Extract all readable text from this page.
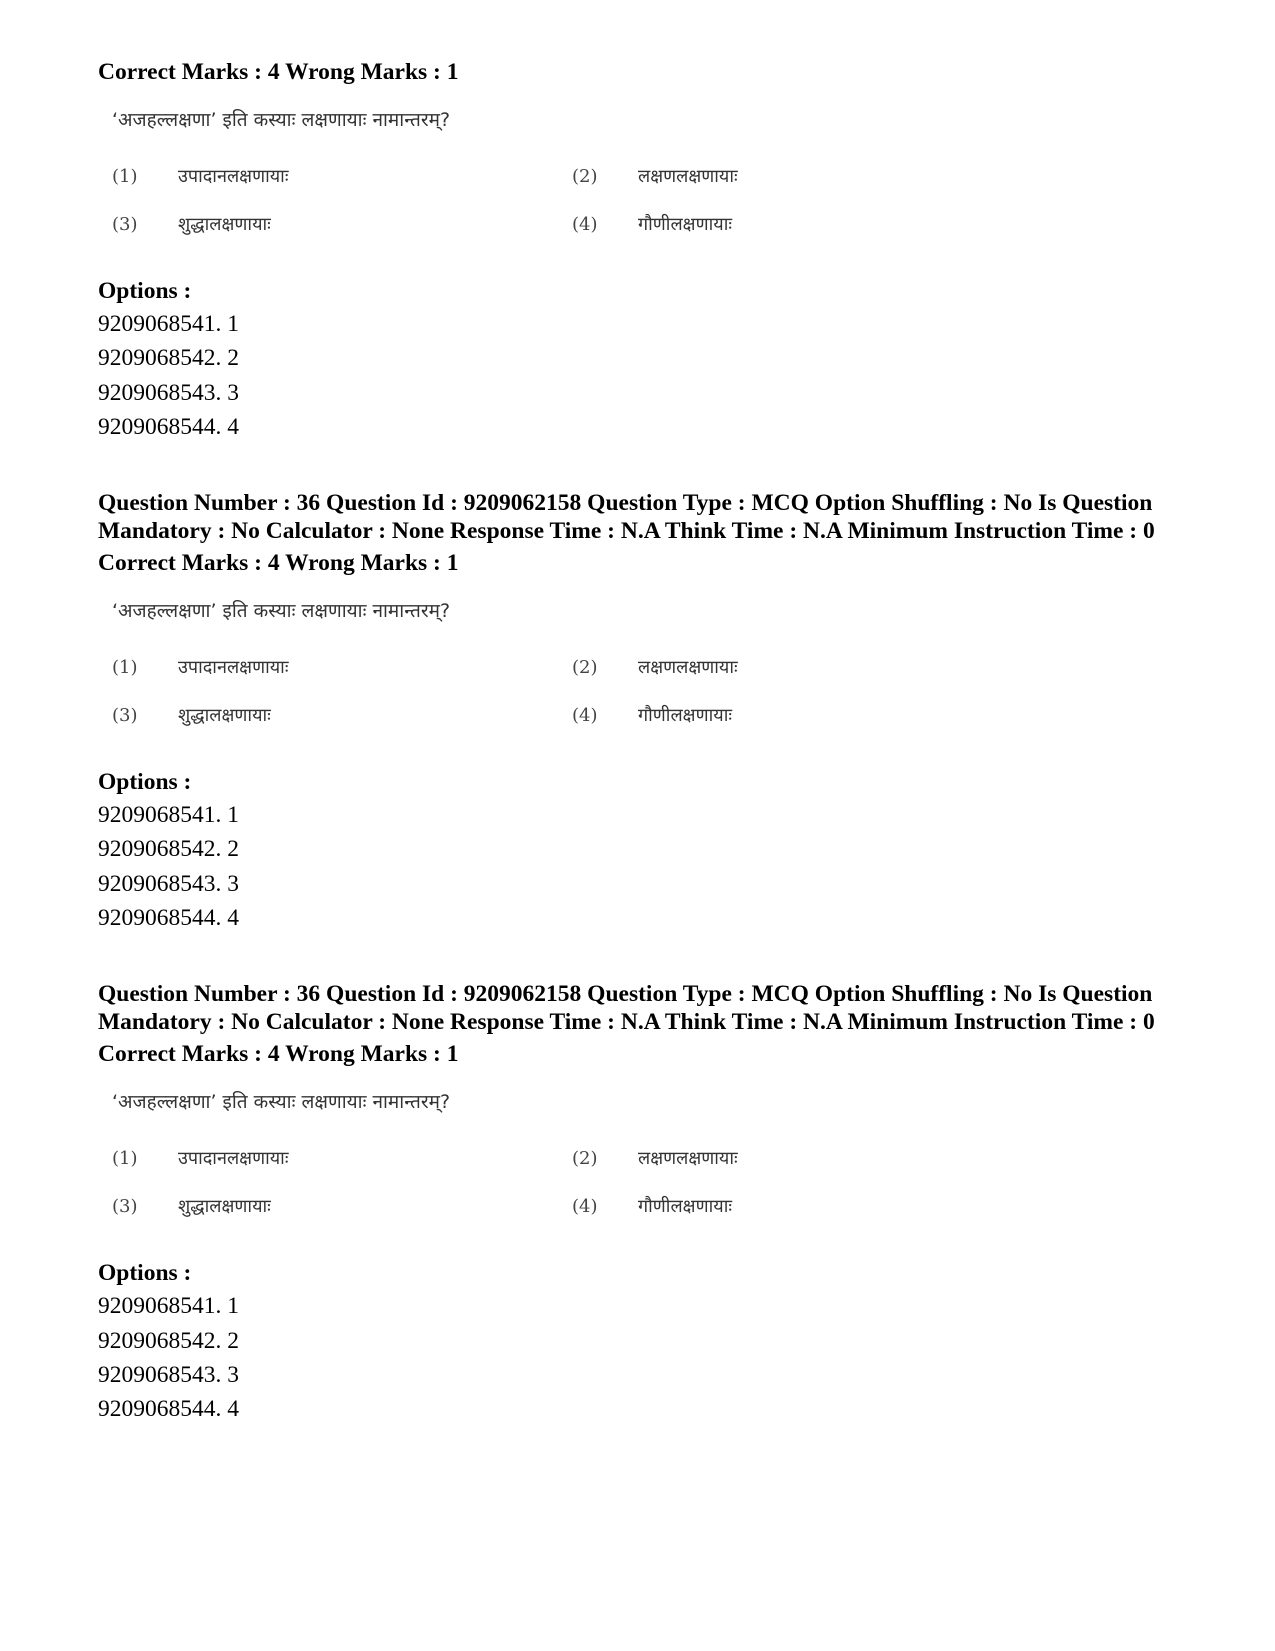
Correct Marks : 4 Wrong Marks : 1

‘अजहल्लक्षणा’ इति कस्याः लक्षणायाः नामान्तरम्?
(1) उपादानलक्षणायाः	(2) लक्षणलक्षणायाः
(3) शुद्धालक्षणायाः	(4) गौणीलक्षणायाः

Options :

9209068541. 1

9209068542. 2

9209068543. 3

9209068544. 4

Question Number : 36 Question Id : 9209062158 Question Type : MCQ Option Shuffling : No Is Question Mandatory : No Calculator : None Response Time : N.A Think Time : N.A Minimum Instruction Time : 0

Correct Marks : 4 Wrong Marks : 1

‘अजहल्लक्षणा’ इति कस्याः लक्षणायाः नामान्तरम्?
(1) उपादानलक्षणायाः	(2) लक्षणलक्षणायाः
(3) शुद्धालक्षणायाः	(4) गौणीलक्षणायाः

Options :

9209068541. 1

9209068542. 2

9209068543. 3

9209068544. 4

Question Number : 36 Question Id : 9209062158 Question Type : MCQ Option Shuffling : No Is Question Mandatory : No Calculator : None Response Time : N.A Think Time : N.A Minimum Instruction Time : 0

Correct Marks : 4 Wrong Marks : 1

‘अजहल्लक्षणा’ इति कस्याः लक्षणायाः नामान्तरम्?
(1) उपादानलक्षणायाः	(2) लक्षणलक्षणायाः
(3) शुद्धालक्षणायाः	(4) गौणीलक्षणायाः

Options :

9209068541. 1

9209068542. 2

9209068543. 3

9209068544. 4
